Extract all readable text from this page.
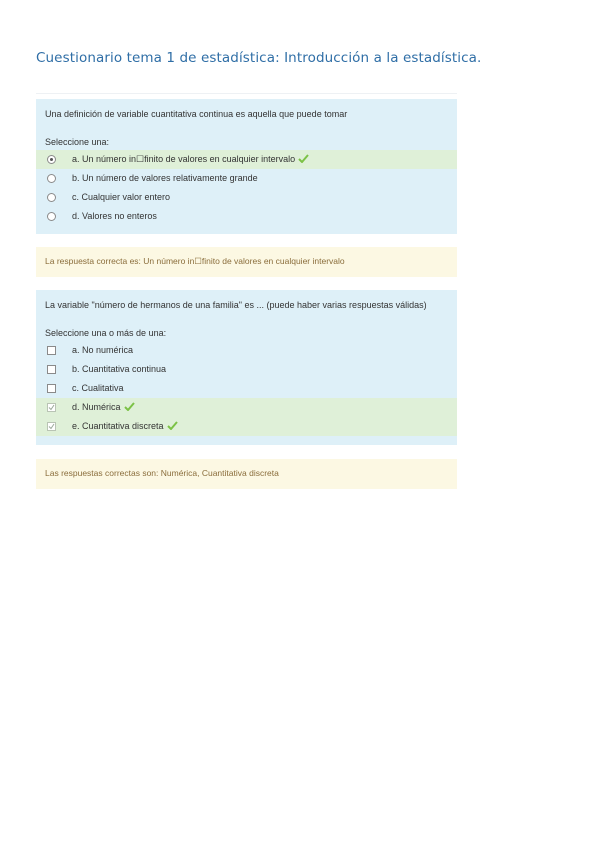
Cuestionario tema 1 de estadística: Introducción a la estadística.
Una definición de variable cuantitativa continua es aquella que puede tomar
Seleccione una:
a. Un número in☐finito de valores en cualquier intervalo
b. Un número de valores relativamente grande
c. Cualquier valor entero
d. Valores no enteros
La respuesta correcta es: Un número in☐finito de valores en cualquier intervalo
La variable "número de hermanos de una familia" es ... (puede haber varias respuestas válidas)
Seleccione una o más de una:
a. No numérica
b. Cuantitativa continua
c. Cualitativa
d. Numérica
e. Cuantitativa discreta
Las respuestas correctas son: Numérica, Cuantitativa discreta
